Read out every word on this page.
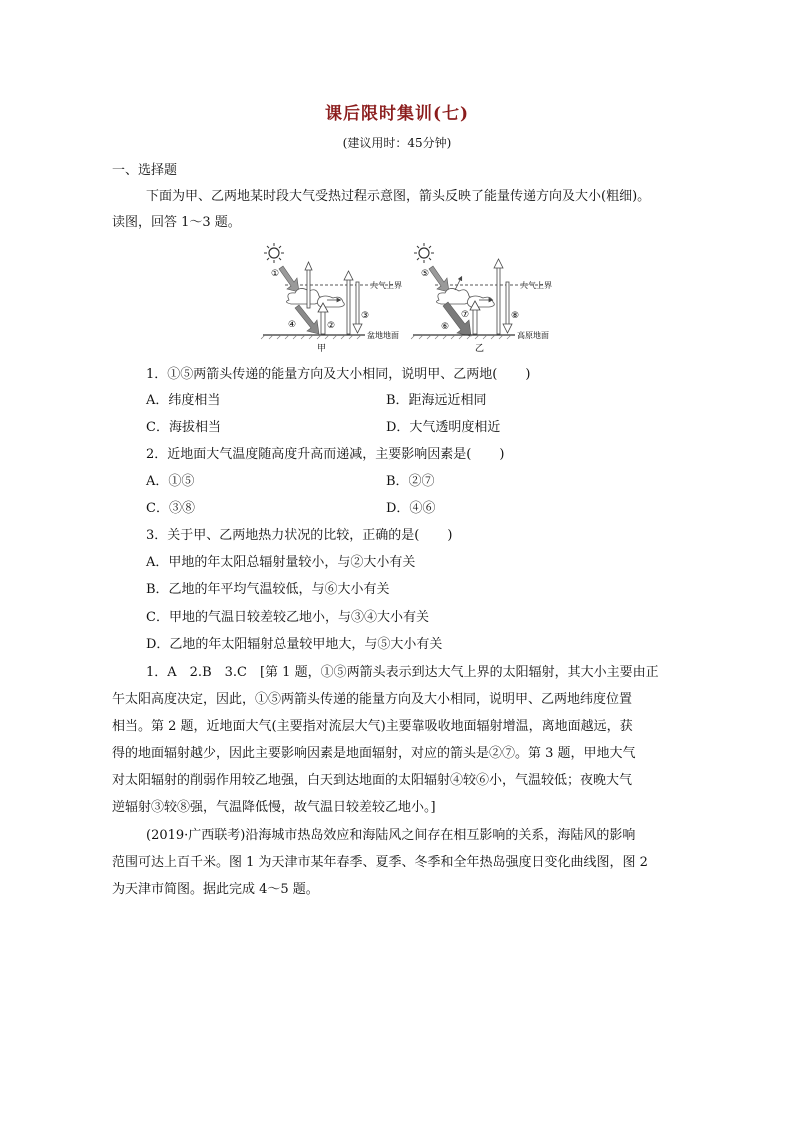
课后限时集训(七)
(建议用时：45分钟)
一、选择题
下面为甲、乙两地某时段大气受热过程示意图，箭头反映了能量传递方向及大小(粗细)。
读图，回答 1～3 题。
大气上界
①
②
③
④
盆地地面
甲
大气上界
⑤
⑥
⑦	⑧
高原地面
乙
1．①⑤两箭头传递的能量方向及大小相同，说明甲、乙两地( )
A．纬度相当	B．距海远近相同
C．海拔相当	D．大气透明度相近
2．近地面大气温度随高度升高而递减，主要影响因素是( )
A．①⑤	B．②⑦
C．③⑧	D．④⑥
3．关于甲、乙两地热力状况的比较，正确的是( )
A．甲地的年太阳总辐射量较小，与②大小有关
B．乙地的年平均气温较低，与⑥大小有关
C．甲地的气温日较差较乙地小，与③④大小有关
D．乙地的年太阳辐射总量较甲地大，与⑤大小有关
1．A　2.B　3.C　[第 1 题，①⑤两箭头表示到达大气上界的太阳辐射，其大小主要由正
午太阳高度决定，因此，①⑤两箭头传递的能量方向及大小相同，说明甲、乙两地纬度位置
相当。第 2 题，近地面大气(主要指对流层大气)主要靠吸收地面辐射增温，离地面越远，获
得的地面辐射越少，因此主要影响因素是地面辐射，对应的箭头是②⑦。第 3 题，甲地大气
对太阳辐射的削弱作用较乙地强，白天到达地面的太阳辐射④较⑥小，气温较低；夜晚大气
逆辐射③较⑧强，气温降低慢，故气温日较差较乙地小。]
(2019·广西联考)沿海城市热岛效应和海陆风之间存在相互影响的关系，海陆风的影响
范围可达上百千米。图 1 为天津市某年春季、夏季、冬季和全年热岛强度日变化曲线图，图 2
为天津市简图。据此完成 4～5 题。
